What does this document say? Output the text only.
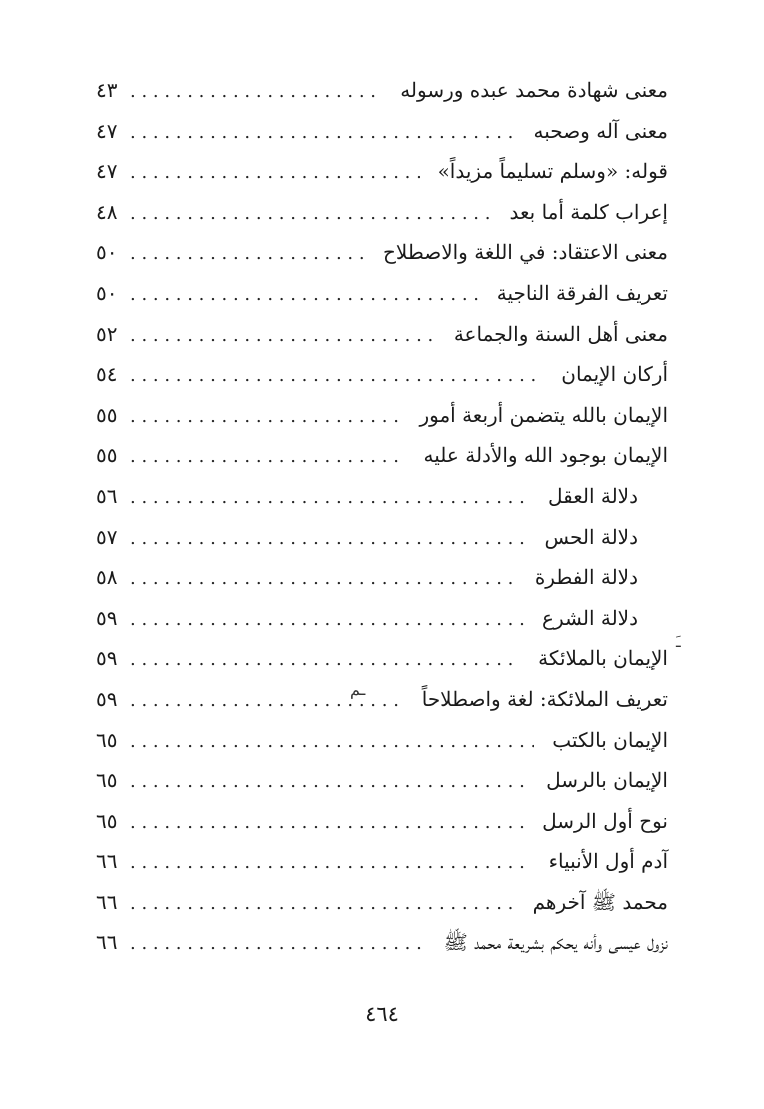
معنى شهادة محمد عبده ورسوله
. . .
٤٣
معنى آله وصحبه
. . .
٤٧
قوله: «وسلم تسليماً مزيداً»
. . .
٤٧
إعراب كلمة أما بعد
. . .
٤٨
معنى الاعتقاد: في اللغة والاصطلاح
. . .
٥٠
تعريف الفرقة الناجية
. . .
٥٠
معنى أهل السنة والجماعة
. . .
٥٢
أركان الإيمان
. . .
٥٤
الإيمان بالله يتضمن أربعة أمور
. . .
٥٥
الإيمان بوجود الله والأدلة عليه
. . .
٥٥
دلالة العقل
. . .
٥٦
دلالة الحس
. . .
٥٧
دلالة الفطرة
. . .
٥٨
دلالة الشرع
. . .
٥٩
الإيمان بالملائكة
. . .
٥٩
تعريف الملائكة: لغة واصطلاحاً
. . .
٥٩
الإيمان بالكتب
. . .
٦٥
الإيمان بالرسل
. . .
٦٥
نوح أول الرسل
. . .
٦٥
آدم أول الأنبياء
. . .
٦٦
محمد ﷺ آخرهم
. . .
٦٦
نزول عيسى وأنه يحكم بشريعة محمد ﷺ
. . .
٦٦
ـَ
ـم
٤٦٤
